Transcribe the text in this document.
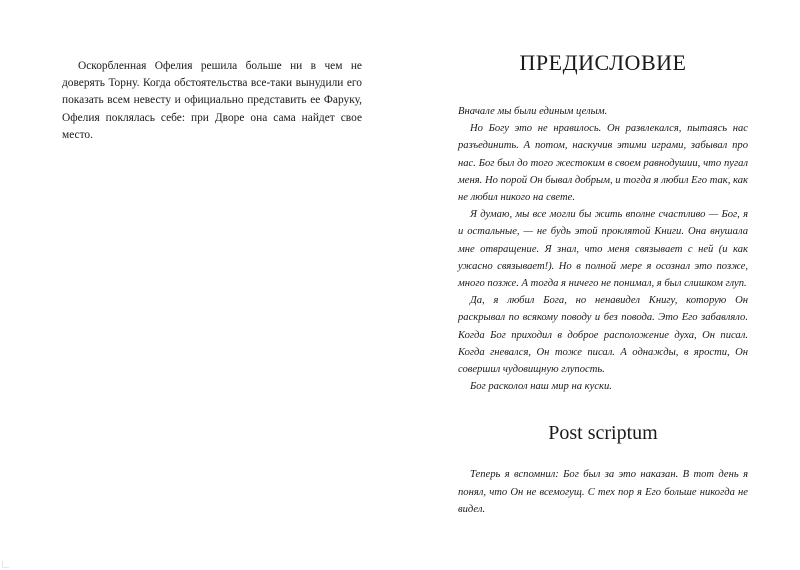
Оскорбленная Офелия решила больше ни в чем не доверять Торну. Когда обстоятельства все-таки вынудили его показать всем невесту и официально представить ее Фаруку, Офелия поклялась себе: при Дворе она сама найдет свое место.

ПРЕДИСЛОВИЕ

Вначале мы были единым целым.

Но Богу это не нравилось. Он развлекался, пытаясь нас разъединить. А потом, наскучив этими играми, забывал про нас. Бог был до того жестоким в своем равнодушии, что пугал меня. Но порой Он бывал добрым, и тогда я любил Его так, как не любил никого на свете.

Я думаю, мы все могли бы жить вполне счастливо — Бог, я и остальные, — не будь этой проклятой Книги. Она внушала мне отвращение. Я знал, что меня связывает с ней (и как ужасно связывает!). Но в полной мере я осознал это позже, много позже. А тогда я ничего не понимал, я был слишком глуп.

Да, я любил Бога, но ненавидел Книгу, которую Он раскрывал по всякому поводу и без повода. Это Его забавляло. Когда Бог приходил в доброе расположение духа, Он писал. Когда гневался, Он тоже писал. А однажды, в ярости, Он совершил чудовищную глупость.

Бог расколол наш мир на куски.

Post scriptum

Теперь я вспомнил: Бог был за это наказан. В тот день я понял, что Он не всемогущ. С тех пор я Его больше никогда не видел.
